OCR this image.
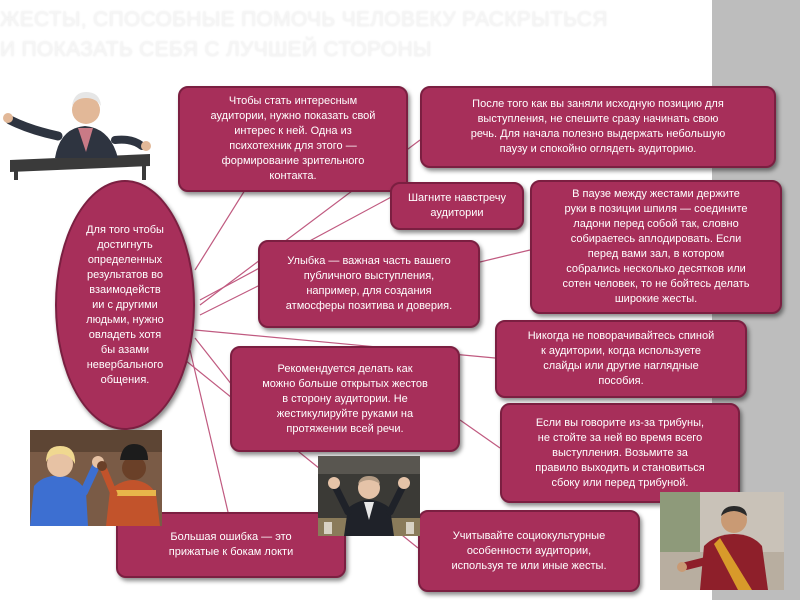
ЖЕСТЫ, СПОСОБНЫЕ ПОМОЧЬ ЧЕЛОВЕКУ РАСКРЫТЬСЯ
И ПОКАЗАТЬ СЕБЯ С ЛУЧШЕЙ СТОРОНЫ
Для того чтобы
достигнуть
определенных
результатов во
взаимодейств
ии с другими
людьми, нужно
овладеть хотя
бы азами
невербального
общения.
Чтобы стать интересным
аудитории, нужно показать свой
интерес к ней. Одна из
психотехник для этого —
формирование зрительного
контакта.
После того как вы заняли исходную позицию для
выступления, не спешите сразу начинать свою
речь. Для начала полезно выдержать небольшую
паузу и спокойно оглядеть аудиторию.
Шагните навстречу
аудитории
В паузе между жестами держите
руки в позиции шпиля — соедините
ладони перед собой так, словно
собираетесь аплодировать. Если
перед вами зал, в котором
собрались несколько десятков или
сотен человек, то не бойтесь делать
широкие жесты.
Улыбка — важная часть вашего
публичного выступления,
например, для создания
атмосферы позитива и доверия.
Никогда не поворачивайтесь спиной
к аудитории, когда используете
слайды или другие наглядные
пособия.
Рекомендуется делать как
можно больше открытых жестов
в сторону аудитории. Не
жестикулируйте руками на
протяжении всей речи.	Если вы говорите из-за трибуны,
не стойте за ней во время всего
выступления. Возьмите за
правило выходить и становиться
сбоку или перед трибуной.
Большая ошибка — это
прижатые к бокам локти
Учитывайте социокультурные
особенности аудитории,
используя те или иные жесты.
